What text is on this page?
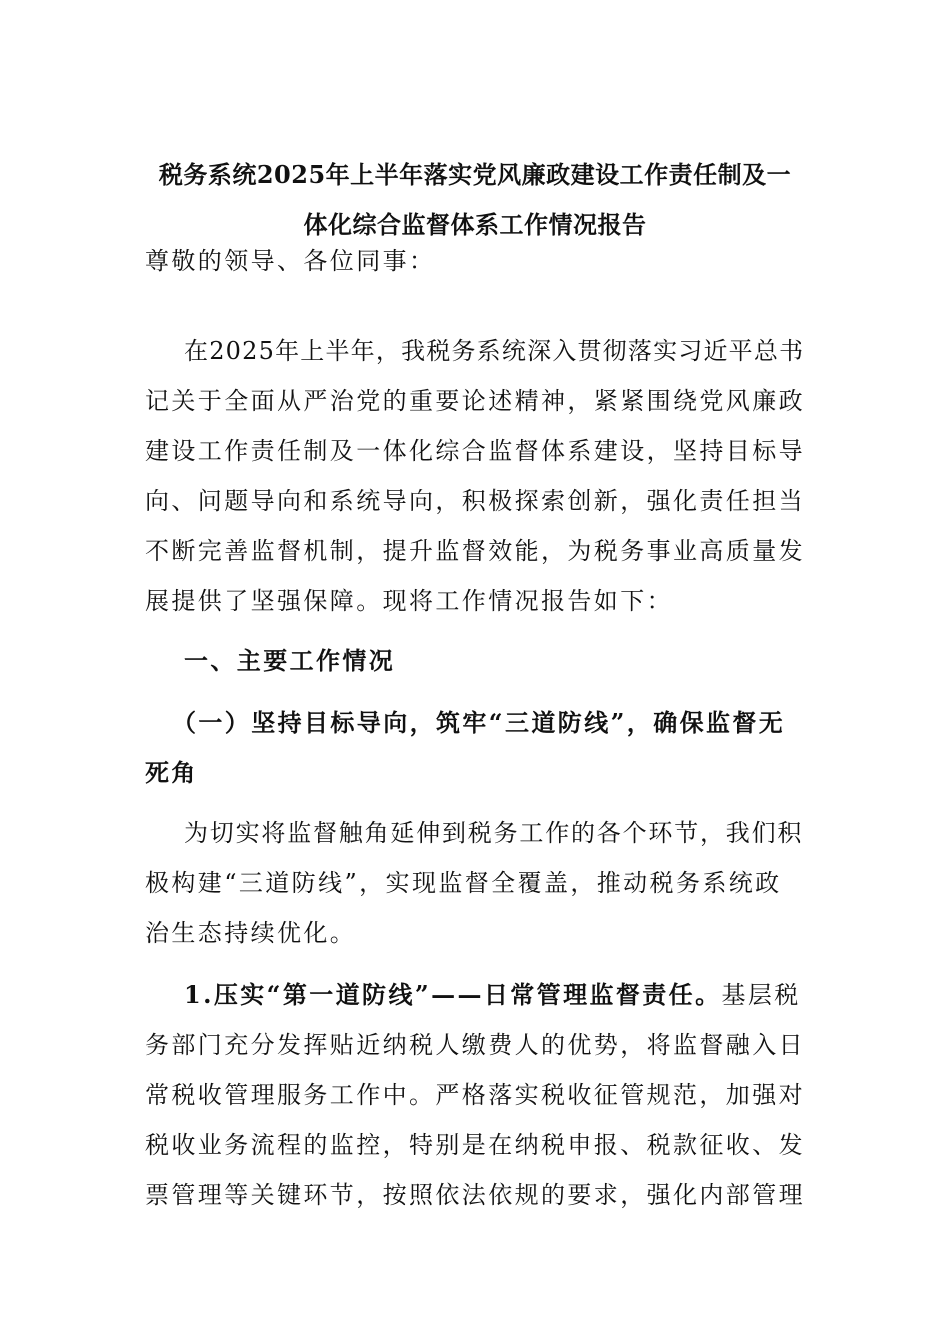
税务系统2025年上半年落实党风廉政建设工作责任制及一
体化综合监督体系工作情况报告
尊敬的领导、各位同事：
在2025年上半年，我税务系统深入贯彻落实习近平总书
记关于全面从严治党的重要论述精神，紧紧围绕党风廉政
建设工作责任制及一体化综合监督体系建设，坚持目标导
向、问题导向和系统导向，积极探索创新，强化责任担当
不断完善监督机制，提升监督效能，为税务事业高质量发
展提供了坚强保障。现将工作情况报告如下：
一、主要工作情况
（一）坚持目标导向，筑牢“三道防线”，确保监督无
死角
为切实将监督触角延伸到税务工作的各个环节，我们积
极构建“三道防线”，实现监督全覆盖，推动税务系统政
治生态持续优化。
1.压实“第一道防线”——日常管理监督责任。基层税
务部门充分发挥贴近纳税人缴费人的优势，将监督融入日
常税收管理服务工作中。严格落实税收征管规范，加强对
税收业务流程的监控，特别是在纳税申报、税款征收、发
票管理等关键环节，按照依法依规的要求，强化内部管理
